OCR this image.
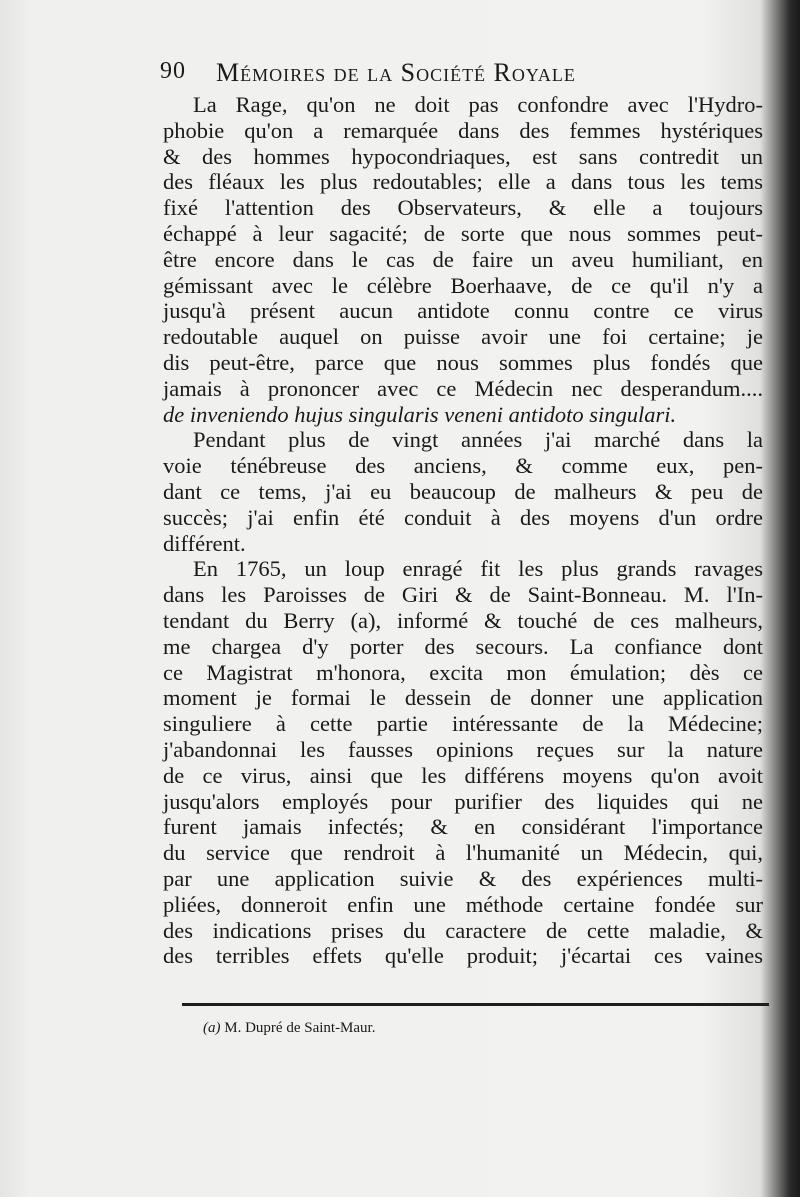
90 Mémoires de la Société Royale
La Rage, qu'on ne doit pas confondre avec l'Hydro-
phobie qu'on a remarquée dans des femmes hystériques
& des hommes hypocondriaques, est sans contredit un
des fléaux les plus redoutables; elle a dans tous les tems
fixé l'attention des Observateurs, & elle a toujours
échappé à leur sagacité; de sorte que nous sommes peut-
être encore dans le cas de faire un aveu humiliant, en
gémissant avec le célèbre Boerhaave, de ce qu'il n'y a
jusqu'à présent aucun antidote connu contre ce virus
redoutable auquel on puisse avoir une foi certaine; je
dis peut-être, parce que nous sommes plus fondés que
jamais à prononcer avec ce Médecin nec desperandum....
de inveniendo hujus singularis veneni antidoto singulari.
Pendant plus de vingt années j'ai marché dans la
voie ténébreuse des anciens, & comme eux, pen-
dant ce tems, j'ai eu beaucoup de malheurs & peu de
succès; j'ai enfin été conduit à des moyens d'un ordre
différent.
En 1765, un loup enragé fit les plus grands ravages
dans les Paroisses de Giri & de Saint-Bonneau. M. l'In-
tendant du Berry (a), informé & touché de ces malheurs,
me chargea d'y porter des secours. La confiance dont
ce Magistrat m'honora, excita mon émulation; dès ce
moment je formai le dessein de donner une application
singuliere à cette partie intéressante de la Médecine;
j'abandonnai les fausses opinions reçues sur la nature
de ce virus, ainsi que les différens moyens qu'on avoit
jusqu'alors employés pour purifier des liquides qui ne
furent jamais infectés; & en considérant l'importance
du service que rendroit à l'humanité un Médecin, qui,
par une application suivie & des expériences multi-
pliées, donneroit enfin une méthode certaine fondée sur
des indications prises du caractere de cette maladie, &
des terribles effets qu'elle produit; j'écartai ces vaines
(a) M. Dupré de Saint-Maur.
